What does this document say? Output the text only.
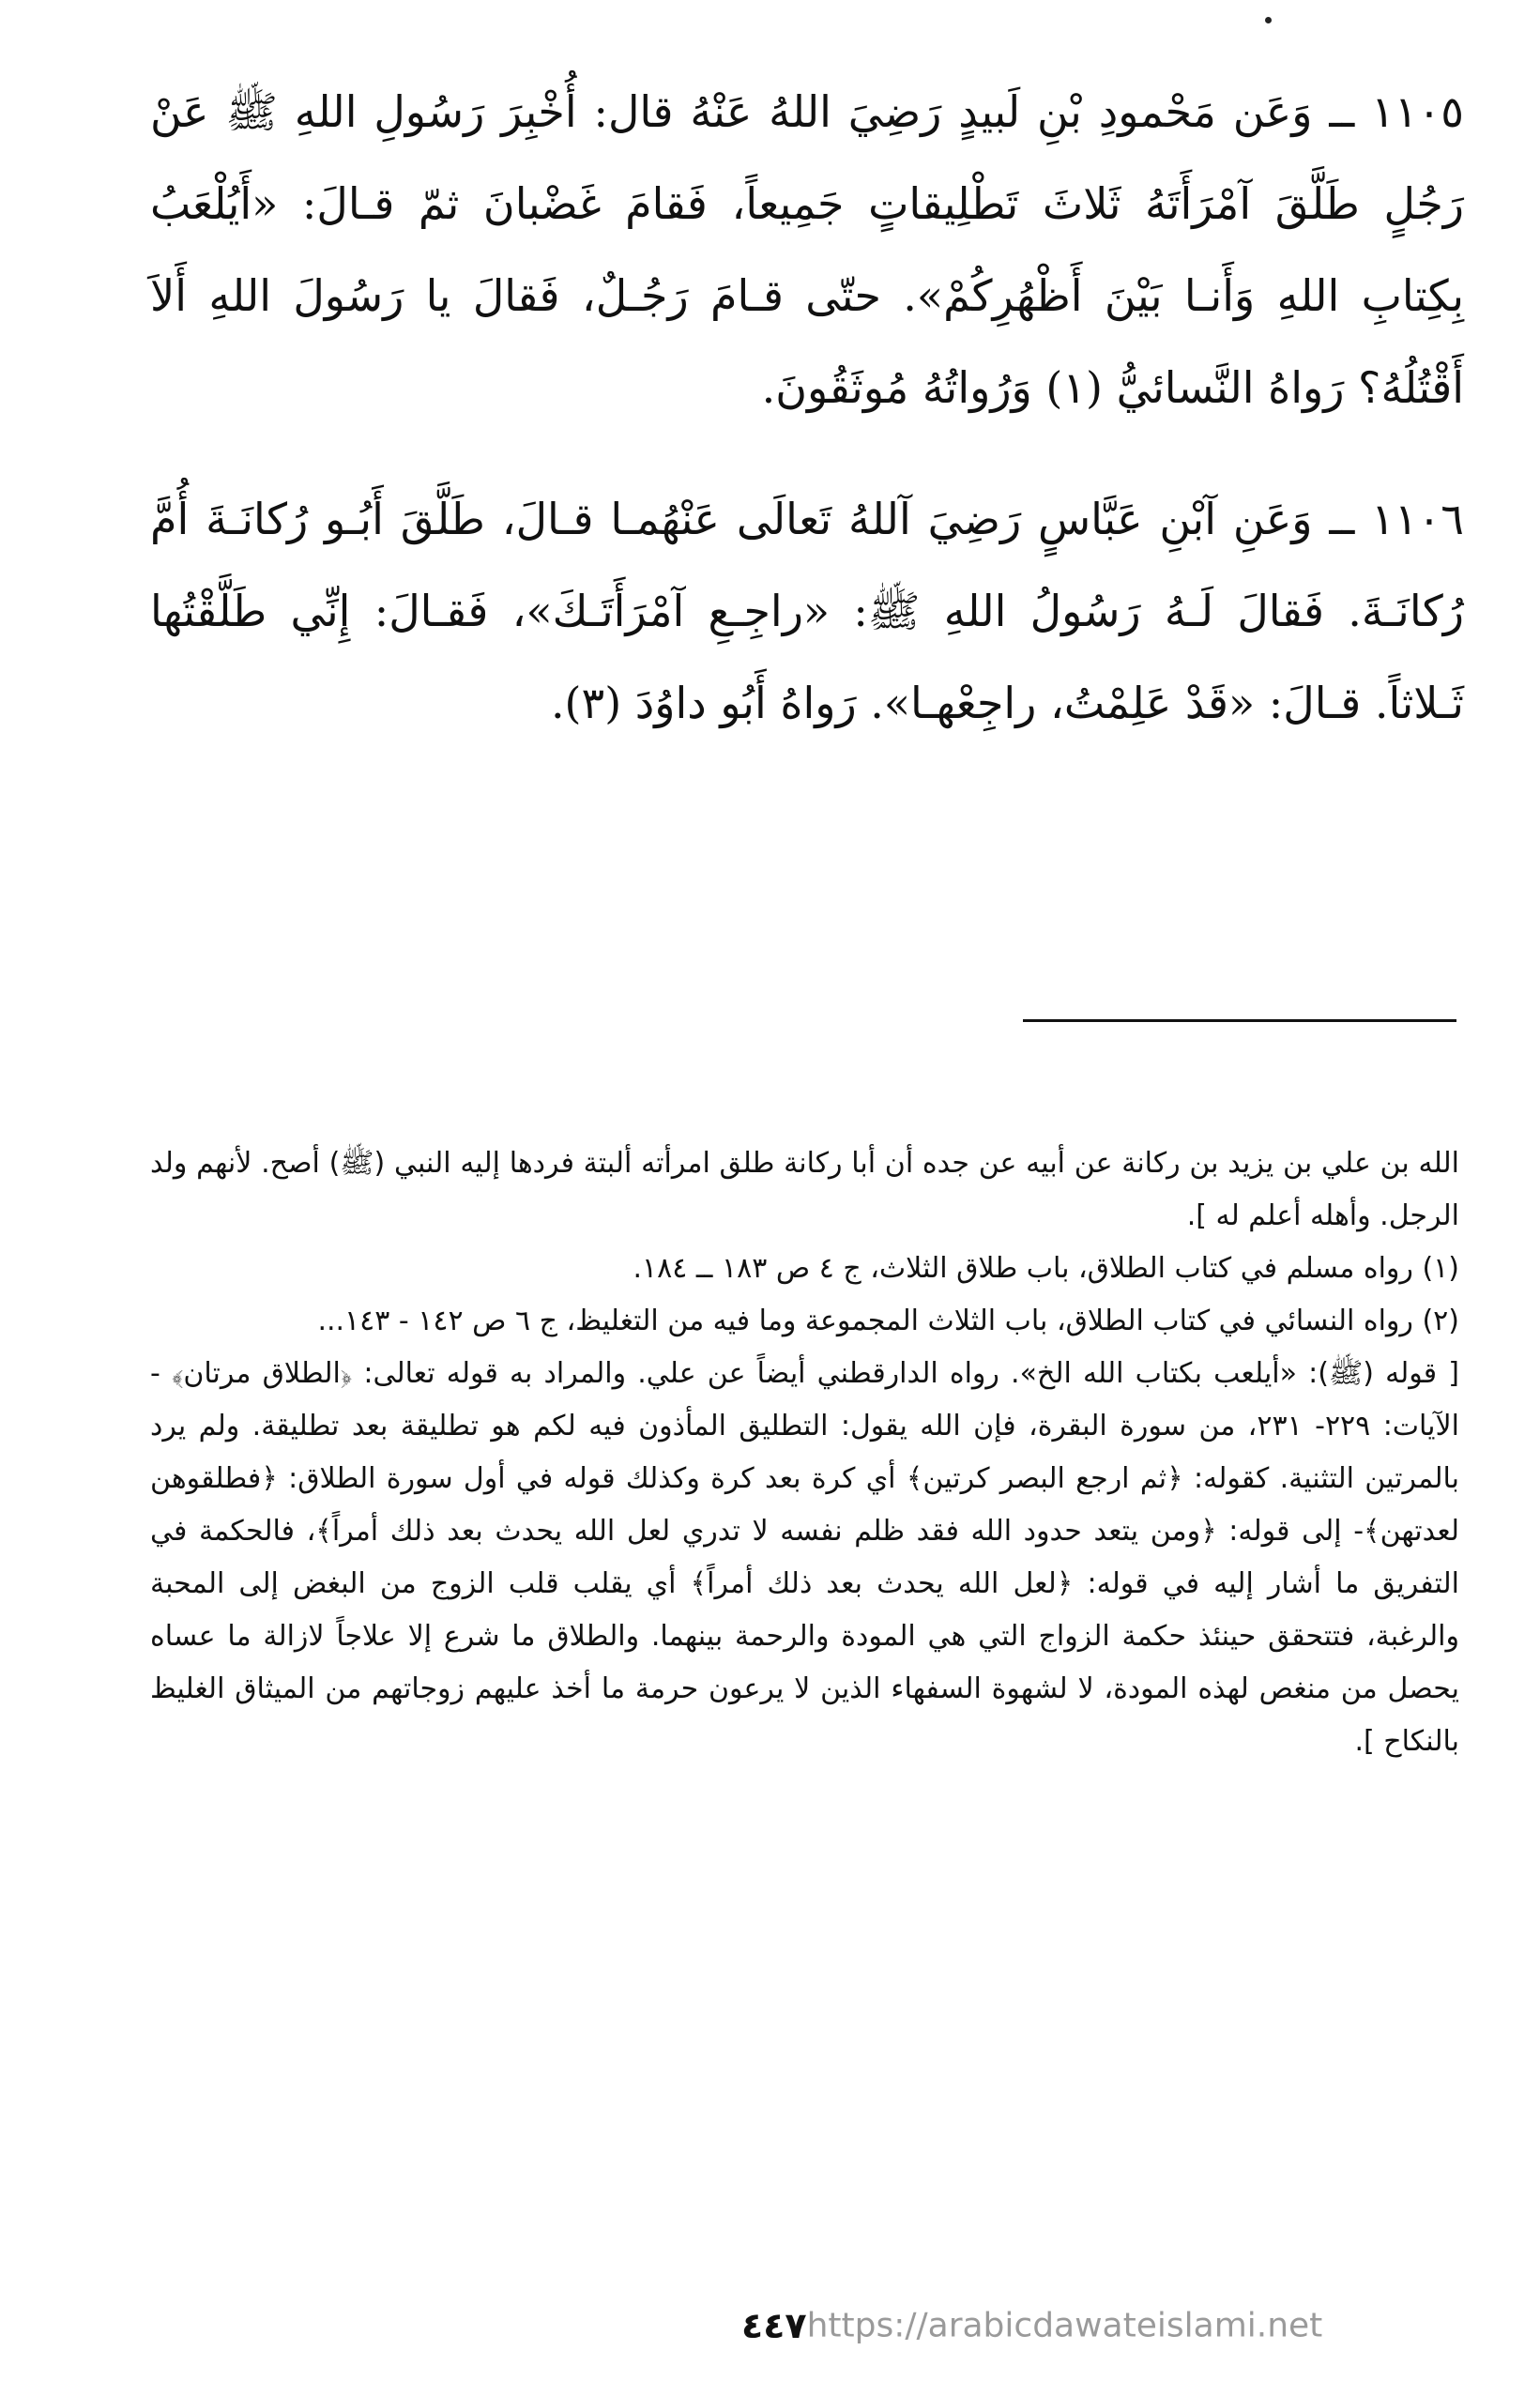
١١٠٥ ــ وَعَن مَحْمودِ بْنِ لَبيدٍ رَضِيَ اللهُ عَنْهُ قال: أُخْبِرَ رَسُولِ اللهِ ﷺ عَنْ رَجُلٍ طَلَّقَ آمْرَأَتَهُ ثَلاثَ تَطْلِيقاتٍ جَمِيعاً، فَقامَ غَضْبانَ ثمّ قـالَ: «أَيُلْعَبُ بِكِتابِ اللهِ وَأَنـا بَيْنَ أَظْهُرِكُمْ». حتّى قـامَ رَجُـلٌ، فَقالَ يا رَسُولَ اللهِ أَلاَ أَقْتُلُهُ؟ رَواهُ النَّسائيُّ (١) وَرُواتُهُ مُوثَقُونَ.

١١٠٦ ــ وَعَنِ آبْنِ عَبَّاسٍ رَضِيَ آللهُ تَعالَى عَنْهُمـا قـالَ، طَلَّقَ أَبُـو رُكانَـةَ أُمَّ رُكانَـةَ. فَقالَ لَـهُ رَسُولُ اللهِ ﷺ: «راجِـعِ آمْرَأَتَـكَ»، فَقـالَ: إِنِّي طَلَّقْتُها ثَـلاثاً. قـالَ: «قَدْ عَلِمْتُ، راجِعْهـا». رَواهُ أَبُو داوُدَ (٣).

الله بن علي بن يزيد بن ركانة عن أبيه عن جده أن أبا ركانة طلق امرأته ألبتة فردها إليه النبي (ﷺ) أصح. لأنهم ولد الرجل. وأهله أعلم له ].

(١) رواه مسلم في كتاب الطلاق، باب طلاق الثلاث، ج ٤ ص ١٨٣ ــ ١٨٤.

(٢) رواه النسائي في كتاب الطلاق، باب الثلاث المجموعة وما فيه من التغليظ، ج ٦ ص ١٤٢ - ١٤٣...

[ قوله (ﷺ): «أيلعب بكتاب الله الخ». رواه الدارقطني أيضاً عن علي. والمراد به قوله تعالى: ﴿الطلاق مرتان﴾ - الآيات: ٢٢٩- ٢٣١، من سورة البقرة، فإن الله يقول: التطليق المأذون فيه لكم هو تطليقة بعد تطليقة. ولم يرد بالمرتين التثنية. كقوله: ﴿ثم ارجع البصر كرتين﴾ أي كرة بعد كرة وكذلك قوله في أول سورة الطلاق: ﴿فطلقوهن لعدتهن﴾- إلى قوله: ﴿ومن يتعد حدود الله فقد ظلم نفسه لا تدري لعل الله يحدث بعد ذلك أمراً﴾، فالحكمة في التفريق ما أشار إليه في قوله: ﴿لعل الله يحدث بعد ذلك أمراً﴾ أي يقلب قلب الزوج من البغض إلى المحبة والرغبة، فتتحقق حينئذ حكمة الزواج التي هي المودة والرحمة بينهما. والطلاق ما شرع إلا علاجاً لازالة ما عساه يحصل من منغص لهذه المودة، لا لشهوة السفهاء الذين لا يرعون حرمة ما أخذ عليهم زوجاتهم من الميثاق الغليظ بالنكاح ].

٤٤٧https://arabicdawateislami.net
